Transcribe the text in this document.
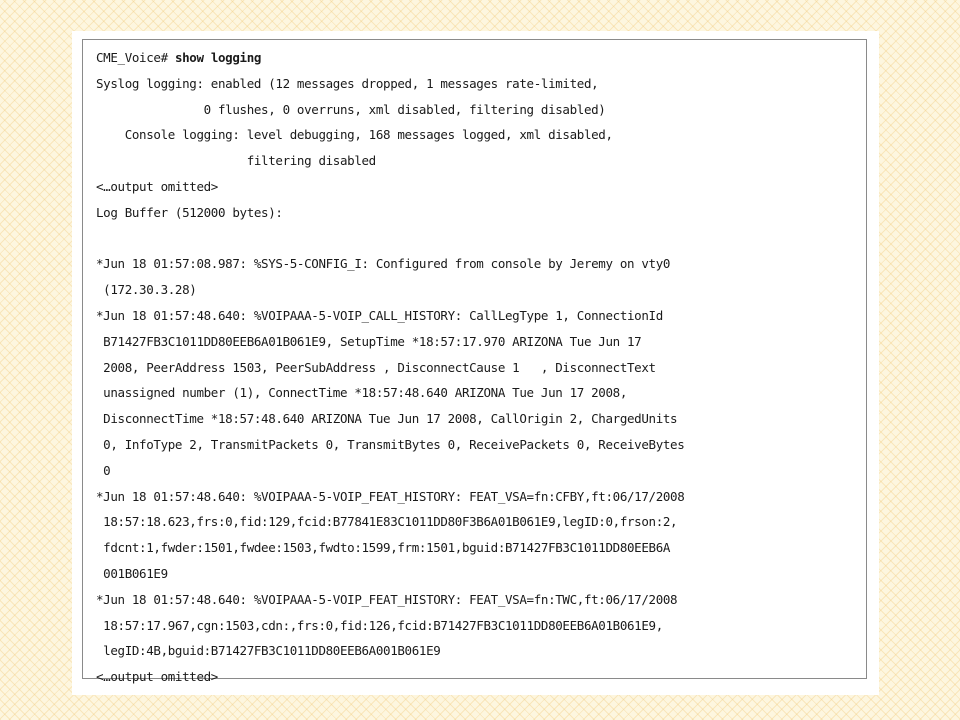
CME_Voice# show logging
Syslog logging: enabled (12 messages dropped, 1 messages rate-limited,
0 flushes, 0 overruns, xml disabled, filtering disabled)
Console logging: level debugging, 168 messages logged, xml disabled,
filtering disabled
<…output omitted>
Log Buffer (512000 bytes):
*Jun 18 01:57:08.987: %SYS-5-CONFIG_I: Configured from console by Jeremy on vty0
(172.30.3.28)
*Jun 18 01:57:48.640: %VOIPAAA-5-VOIP_CALL_HISTORY: CallLegType 1, ConnectionId
B71427FB3C1011DD80EEB6A01B061E9, SetupTime *18:57:17.970 ARIZONA Tue Jun 17
2008, PeerAddress 1503, PeerSubAddress , DisconnectCause 1   , DisconnectText
unassigned number (1), ConnectTime *18:57:48.640 ARIZONA Tue Jun 17 2008,
DisconnectTime *18:57:48.640 ARIZONA Tue Jun 17 2008, CallOrigin 2, ChargedUnits
0, InfoType 2, TransmitPackets 0, TransmitBytes 0, ReceivePackets 0, ReceiveBytes
0
*Jun 18 01:57:48.640: %VOIPAAA-5-VOIP_FEAT_HISTORY: FEAT_VSA=fn:CFBY,ft:06/17/2008
18:57:18.623,frs:0,fid:129,fcid:B77841E83C1011DD80F3B6A01B061E9,legID:0,frson:2,
fdcnt:1,fwder:1501,fwdee:1503,fwdto:1599,frm:1501,bguid:B71427FB3C1011DD80EEB6A
001B061E9
*Jun 18 01:57:48.640: %VOIPAAA-5-VOIP_FEAT_HISTORY: FEAT_VSA=fn:TWC,ft:06/17/2008
18:57:17.967,cgn:1503,cdn:,frs:0,fid:126,fcid:B71427FB3C1011DD80EEB6A01B061E9,
legID:4B,bguid:B71427FB3C1011DD80EEB6A001B061E9
<…output omitted>
